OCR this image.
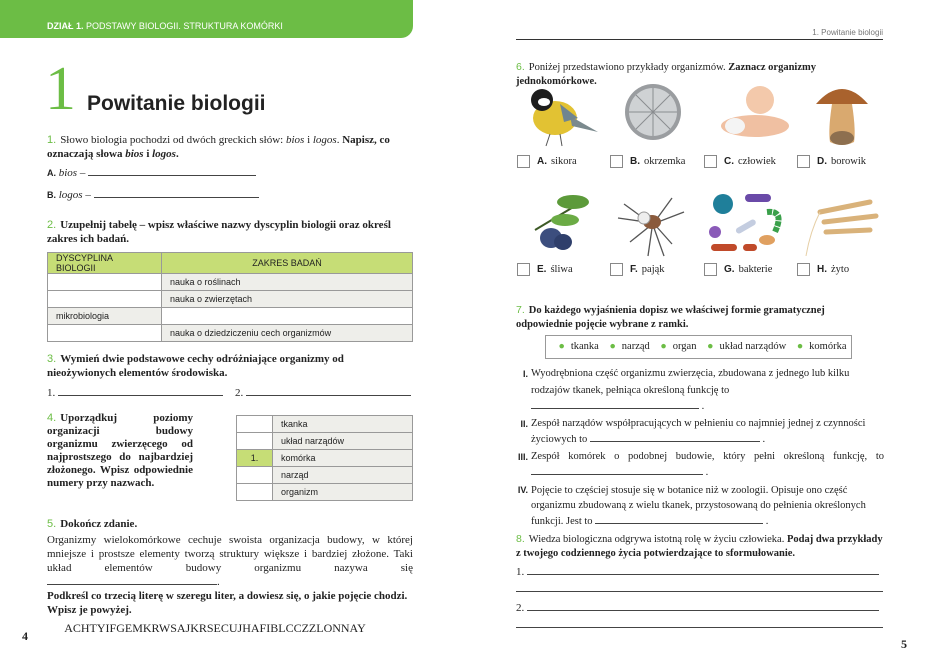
DZIAŁ 1. PODSTAWY BIOLOGII. STRUKTURA KOMÓRKI
1 Powitanie biologii
1. Słowo biologia pochodzi od dwóch greckich słów: bios i logos. Napisz, co oznaczają słowa bios i logos.
A. bios –
B. logos –
2. Uzupełnij tabelę – wpisz właściwe nazwy dyscyplin biologii oraz określ zakres ich badań.
DYSCYPLINA BIOLOGII	ZAKRES BADAŃ
	nauka o roślinach
	nauka o zwierzętach
mikrobiologia	
	nauka o dziedziczeniu cech organizmów
3. Wymień dwie podstawowe cechy odróżniające organizmy od nieożywionych elementów środowiska.
1.	2.
4. Uporządkuj poziomy organizacji budowy organizmu zwierzęcego od najprostszego do najbardziej złożonego. Wpisz odpowiednie numery przy nazwach.
	tkanka
	układ narządów
1.	komórka
	narząd
	organizm
5. Dokończ zdanie.
Organizmy wielokomórkowe cechuje swoista organizacja budowy, w której mniejsze i prostsze elementy tworzą struktury większe i bardziej złożone. Taki układ elementów budowy organizmu nazywa się .
Podkreśl co trzecią literę w szeregu liter, a dowiesz się, o jakie pojęcie chodzi. Wpisz je powyżej.
ACHTYIFGEMKRWSAJKRSECUJHAFIBLCCZZLONNAY
4
1. Powitanie biologii
6. Poniżej przedstawiono przykłady organizmów. Zaznacz organizmy jednokomórkowe.
A. sikora	B. okrzemka	C. człowiek	D. borowik
E. śliwa	F. pająk	G. bakterie	H. żyto
7. Do każdego wyjaśnienia dopisz we właściwej formie gramatycznej odpowiednie pojęcie wybrane z ramki.
● tkanka ● narząd ● organ ● układ narządów ● komórka
I. Wyodrębniona część organizmu zwierzęcia, zbudowana z jednego lub kilku rodzajów tkanek, pełniąca określoną funkcję to  .
II. Zespół narządów współpracujących w pełnieniu co najmniej jednej z czynności życiowych to	.
III. Zespół komórek o podobnej budowie, który pełni określoną funkcję, to  .
IV. Pojęcie to częściej stosuje się w botanice niż w zoologii. Opisuje ono część organizmu zbudowaną z wielu tkanek, przystosowaną do pełnienia określonych funkcji. Jest to	.
8. Wiedza biologiczna odgrywa istotną rolę w życiu człowieka. Podaj dwa przykłady z twojego codziennego życia potwierdzające to sformułowanie.
1.
2.
5
